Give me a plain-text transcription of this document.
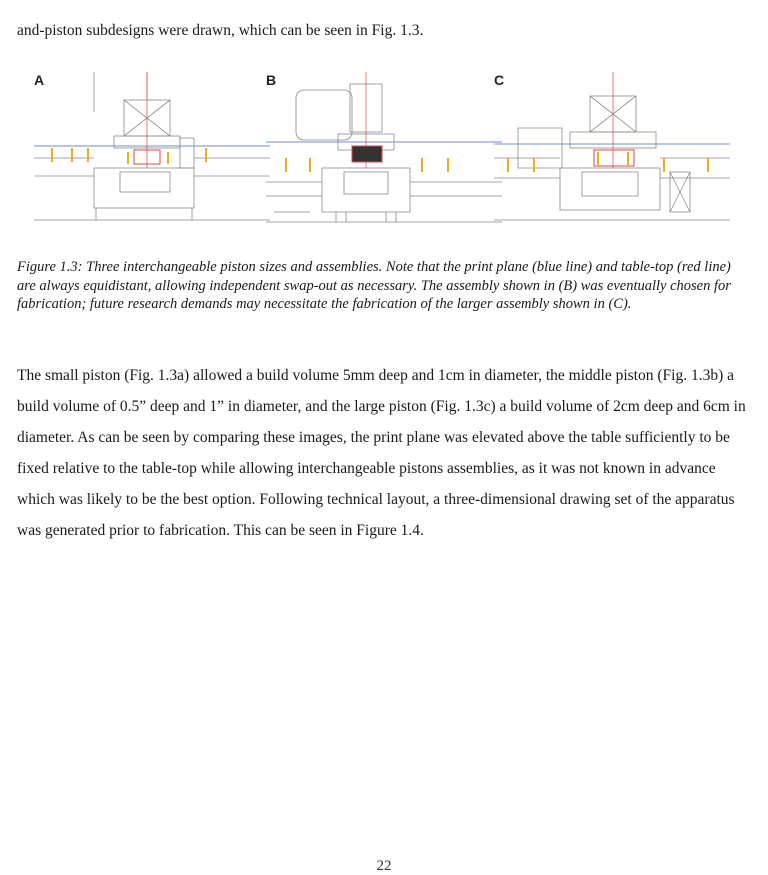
and-piston subdesigns were drawn, which can be seen in Fig. 1.3.

A	B	C

Figure 1.3: Three interchangeable piston sizes and assemblies. Note that the print plane (blue line) and table-top (red line) are always equidistant, allowing independent swap-out as necessary. The assembly shown in (B) was eventually chosen for fabrication; future research demands may necessitate the fabrication of the larger assembly shown in (C).

The small piston (Fig. 1.3a) allowed a build volume 5mm deep and 1cm in diameter, the middle piston (Fig. 1.3b) a build volume of 0.5” deep and 1” in diameter, and the large piston (Fig. 1.3c) a build volume of 2cm deep and 6cm in diameter. As can be seen by comparing these images, the print plane was elevated above the table sufficiently to be fixed relative to the table-top while allowing interchangeable pistons assemblies, as it was not known in advance which was likely to be the best option. Following technical layout, a three-dimensional drawing set of the apparatus was generated prior to fabrication. This can be seen in Figure 1.4.

22
